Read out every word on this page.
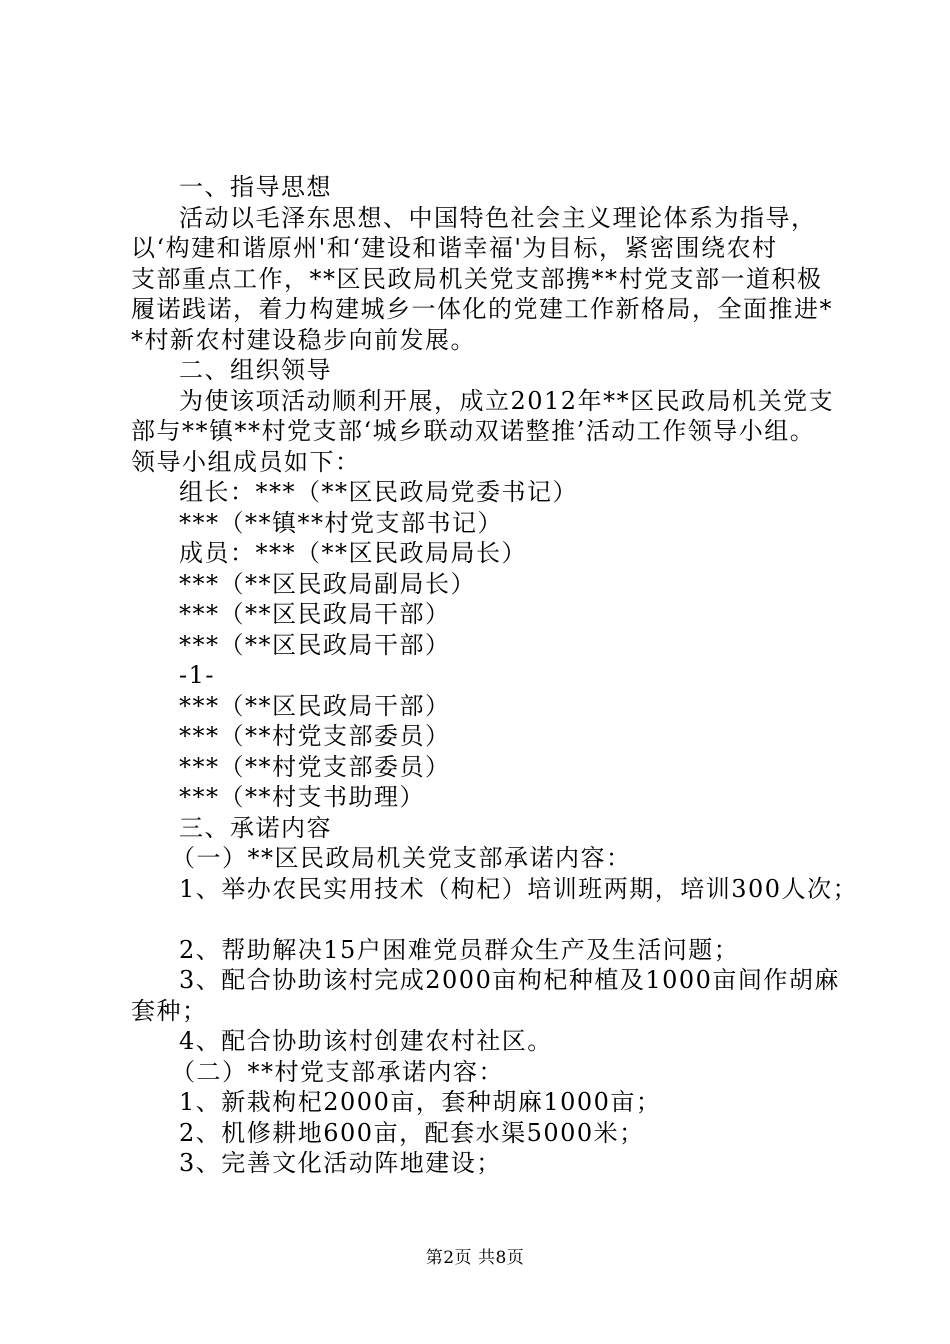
一、指导思想
活动以毛泽东思想、中国特色社会主义理论体系为指导，
以‘构建和谐原州'和‘建设和谐幸福'为目标，紧密围绕农村
支部重点工作，**区民政局机关党支部携**村党支部一道积极
履诺践诺，着力构建城乡一体化的党建工作新格局，全面推进*
*村新农村建设稳步向前发展。
二、组织领导
为使该项活动顺利开展，成立2012年**区民政局机关党支
部与**镇**村党支部‘城乡联动双诺整推’活动工作领导小组。
领导小组成员如下：
组长：***（**区民政局党委书记）
***（**镇**村党支部书记）
成员：***（**区民政局局长）
***（**区民政局副局长）
***（**区民政局干部）
***（**区民政局干部）
-1-
***（**区民政局干部）
***（**村党支部委员）
***（**村党支部委员）
***（**村支书助理）
三、承诺内容
（一）**区民政局机关党支部承诺内容：
1、举办农民实用技术（枸杞）培训班两期，培训300人次；
2、帮助解决15户困难党员群众生产及生活问题；
3、配合协助该村完成2000亩枸杞种植及1000亩间作胡麻
套种；
4、配合协助该村创建农村社区。
（二）**村党支部承诺内容：
1、新栽枸杞2000亩，套种胡麻1000亩；
2、机修耕地600亩，配套水渠5000米；
3、完善文化活动阵地建设；
第2页 共8页
